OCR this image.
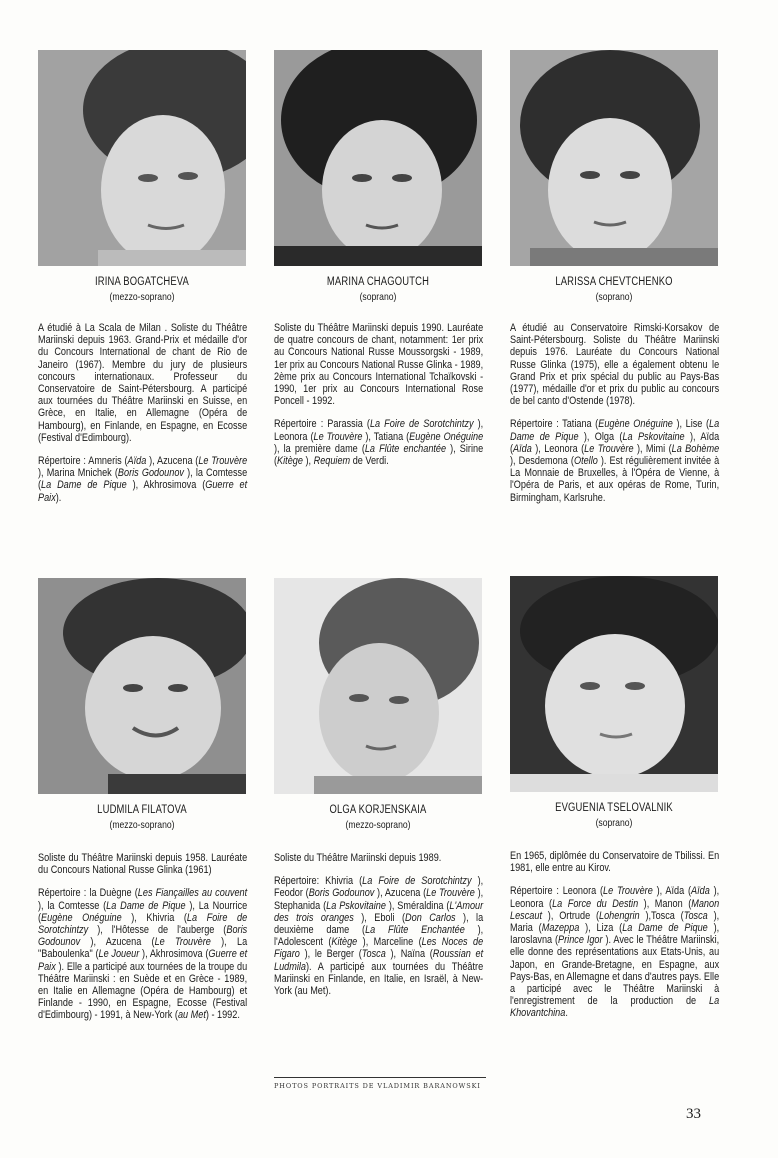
IRINA BOGATCHEVA
(mezzo-soprano)
MARINA CHAGOUTCH
(soprano)
LARISSA CHEVTCHENKO
(soprano)

A étudié à La Scala de Milan . Soliste du Théâtre Mariinski depuis 1963. Grand-Prix et médaille d'or du Concours International de chant de Rio de Janeiro (1967). Membre du jury de plusieurs concours internationaux. Professeur du Conservatoire de Saint-Pétersbourg. A participé aux tournées du Théâtre Mariinski en Suisse, en Grèce, en Italie, en Allemagne (Opéra de Hambourg), en Finlande, en Espagne, en Ecosse (Festival d'Edimbourg).

Répertoire : Amneris (Aïda ), Azucena (Le Trouvère ), Marina Mnichek (Boris Godounov ), la Comtesse (La Dame de Pique ), Akhrosimova (Guerre et Paix).

Soliste du Théâtre Mariinski depuis 1990. Lauréate de quatre concours de chant, notamment: 1er prix au Concours National Russe Moussorgski - 1989, 1er prix au Concours National Russe Glinka - 1989, 2ème prix au Concours International Tchaïkovski - 1990, 1er prix au Concours International Rose Poncell - 1992.

Répertoire : Parassia (La Foire de Sorotchintzy ), Leonora (Le Trouvère ), Tatiana (Eugène Onéguine ), la première dame (La Flûte enchantée ), Sirine (Kitège ), Requiem de Verdi.

A étudié au Conservatoire Rimski-Korsakov de Saint-Pétersbourg. Soliste du Théâtre Mariinski depuis 1976. Lauréate du Concours National Russe Glinka (1975), elle a également obtenu le Grand Prix et prix spécial du public au Pays-Bas (1977), médaille d'or et prix du public au concours de bel canto d'Ostende (1978).

Répertoire : Tatiana (Eugène Onéguine ), Lise (La Dame de Pique ), Olga (La Pskovitaine ), Aïda (Aïda ), Leonora (Le Trouvère ), Mimi (La Bohème ), Desdemona (Otello ). Est régulièrement invitée à La Monnaie de Bruxelles, à l'Opéra de Vienne, à l'Opéra de Paris, et aux opéras de Rome, Turin, Birmingham, Karlsruhe.

LUDMILA FILATOVA
(mezzo-soprano)
OLGA KORJENSKAIA
(mezzo-soprano)
EVGUENIA TSELOVALNIK
(soprano)

Soliste du Théâtre Mariinski depuis 1958. Lauréate du Concours National Russe Glinka (1961)

Répertoire : la Duègne (Les Fiançailles au couvent ), la Comtesse (La Dame de Pique ), La Nourrice (Eugène Onéguine ), Khivria (La Foire de Sorotchintzy ), l'Hôtesse de l'auberge (Boris Godounov ), Azucena (Le Trouvère ), La "Baboulenka" (Le Joueur ), Akhrosimova (Guerre et Paix ). Elle a participé aux tournées de la troupe du Théâtre Mariinski : en Suède et en Grèce - 1989, en Italie en Allemagne (Opéra de Hambourg) et Finlande - 1990, en Espagne, Ecosse (Festival d'Edimbourg) - 1991, à New-York (au Met) - 1992.

Soliste du Théâtre Mariinski depuis 1989.

Répertoire: Khivria (La Foire de Sorotchintzy ), Feodor (Boris Godounov ), Azucena (Le Trouvère ), Stephanida (La Pskovitaine ), Sméraldina (L'Amour des trois oranges ), Eboli (Don Carlos ), la deuxième dame (La Flûte Enchantée ), l'Adolescent (Kitège ), Marceline (Les Noces de Figaro ), le Berger (Tosca ), Naïna (Roussian et Ludmila). A participé aux tournées du Théâtre Mariinski en Finlande, en Italie, en Israël, à New-York (au Met).

En 1965, diplômée du Conservatoire de Tbilissi. En 1981, elle entre au Kirov.

Répertoire : Leonora (Le Trouvère ), Aïda (Aïda ), Leonora (La Force du Destin ), Manon (Manon Lescaut ), Ortrude (Lohengrin ),Tosca (Tosca ), Maria (Mazeppa ), Liza (La Dame de Pique ), Iaroslavna (Prince Igor ). Avec le Théâtre Mariinski, elle donne des représentations aux Etats-Unis, au Japon, en Grande-Bretagne, en Espagne, aux Pays-Bas, en Allemagne et dans d'autres pays. Elle a participé avec le Théâtre Mariinski à l'enregistrement de la production de La Khovantchina.

PHOTOS PORTRAITS DE VLADIMIR BARANOWSKI
33
